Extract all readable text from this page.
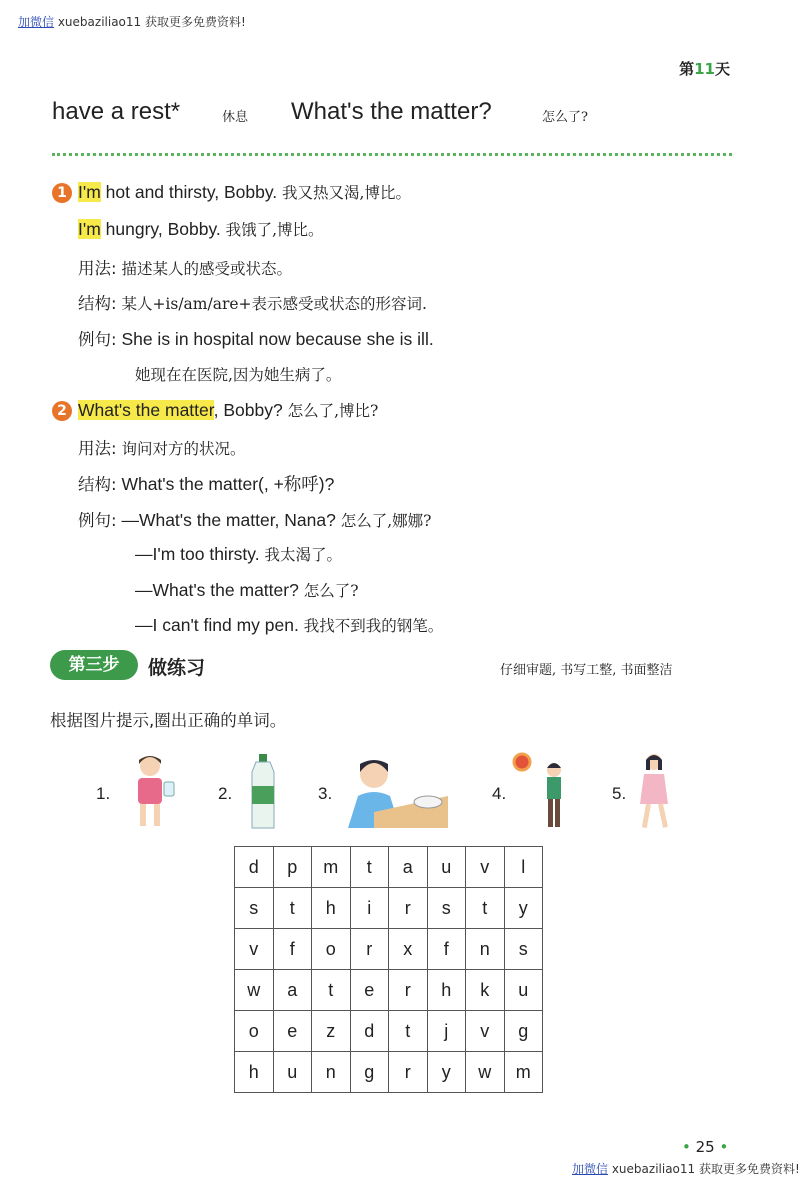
加微信 xuebaziliao11 获取更多免费资料!
第11天
have a rest*	休息 What's the matter?	怎么了?
1 I'm hot and thirsty, Bobby. 我又热又渴,博比。
I'm hungry, Bobby. 我饿了,博比。
用法: 描述某人的感受或状态。
结构: 某人+is/am/are+表示感受或状态的形容词.
例句: She is in hospital now because she is ill.
她现在在医院,因为她生病了。
2 What's the matter, Bobby? 怎么了,博比?
用法: 询问对方的状况。
结构: What's the matter(, +称呼)?
例句: —What's the matter, Nana? 怎么了,娜娜?
—I'm too thirsty. 我太渴了。
—What's the matter? 怎么了?
—I can't find my pen. 我找不到我的钢笔。
第三步	做练习	仔细审题, 书写工整, 书面整洁
根据图片提示,圈出正确的单词。
1.	2.	3.	4.	5.
d	p	m	t	a	u	v	l
s	t	h	i	r	s	t	y
v	f	o	r	x	f	n	s
w	a	t	e	r	h	k	u
o	e	z	d	t	j	v	g
h	u	n	g	r	y	w	m
• 25 •
加微信 xuebaziliao11 获取更多免费资料!
